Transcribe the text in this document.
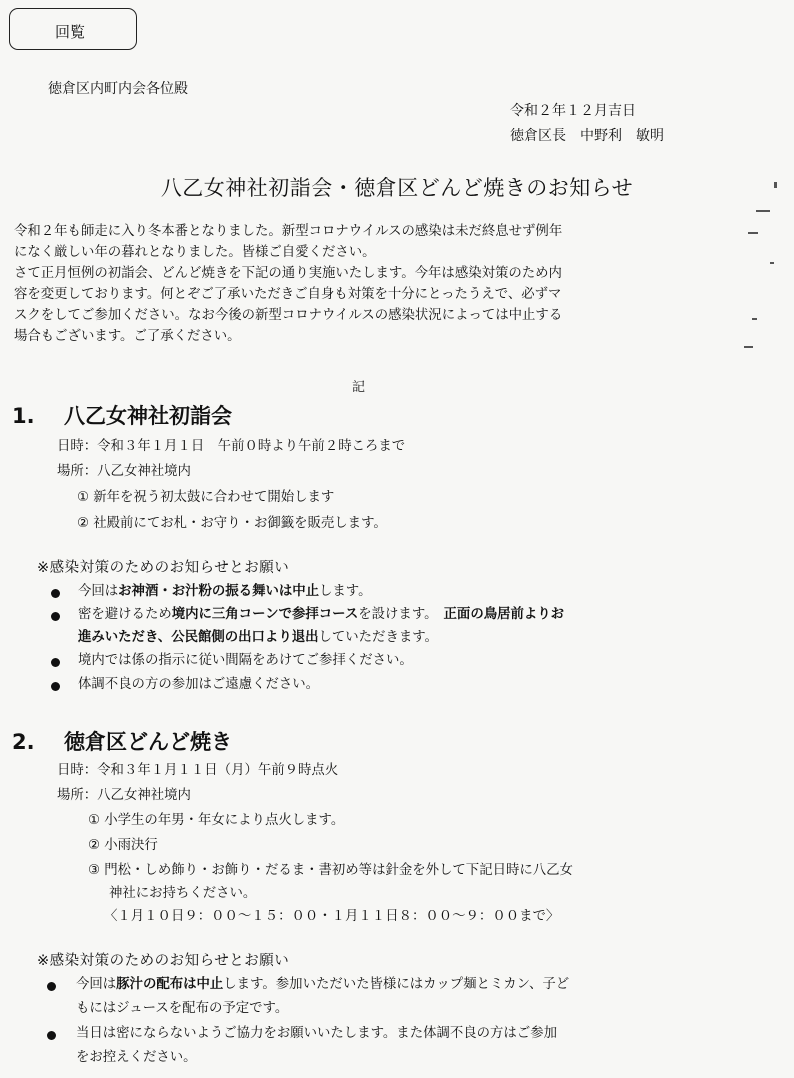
回覧
徳倉区内町内会各位殿
令和２年１２月吉日
徳倉区長　中野利　敏明
八乙女神社初詣会・徳倉区どんど焼きのお知らせ
令和２年も師走に入り冬本番となりました。新型コロナウイルスの感染は未だ終息せず例年
になく厳しい年の暮れとなりました。皆様ご自愛ください。
さて正月恒例の初詣会、どんど焼きを下記の通り実施いたします。今年は感染対策のため内
容を変更しております。何とぞご了承いただきご自身も対策を十分にとったうえで、必ずマ
スクをしてご参加ください。なお今後の新型コロナウイルスの感染状況によっては中止する
場合もございます。ご了承ください。
記
1. 八乙女神社初詣会
日時：令和３年１月１日　午前０時より午前２時ころまで
場所：八乙女神社境内
① 新年を祝う初太鼓に合わせて開始します
② 社殿前にてお札・お守り・お御籤を販売します。
※感染対策のためのお知らせとお願い
今回はお神酒・お汁粉の振る舞いは中止します。
密を避けるため境内に三角コーンで参拝コースを設けます。 正面の鳥居前よりお
進みいただき、公民館側の出口より退出していただきます。
境内では係の指示に従い間隔をあけてご参拝ください。
体調不良の方の参加はご遠慮ください。
2. 徳倉区どんど焼き
日時：令和３年１月１１日（月）午前９時点火
場所：八乙女神社境内
① 小学生の年男・年女により点火します。
② 小雨決行
③ 門松・しめ飾り・お飾り・だるま・書初め等は針金を外して下記日時に八乙女
神社にお持ちください。
〈１月１０日９：００～１５：００・１月１１日８：００～９：００まで〉
※感染対策のためのお知らせとお願い
今回は豚汁の配布は中止します。参加いただいた皆様にはカップ麺とミカン、子ど
もにはジュースを配布の予定です。
当日は密にならないようご協力をお願いいたします。また体調不良の方はご参加
をお控えください。
